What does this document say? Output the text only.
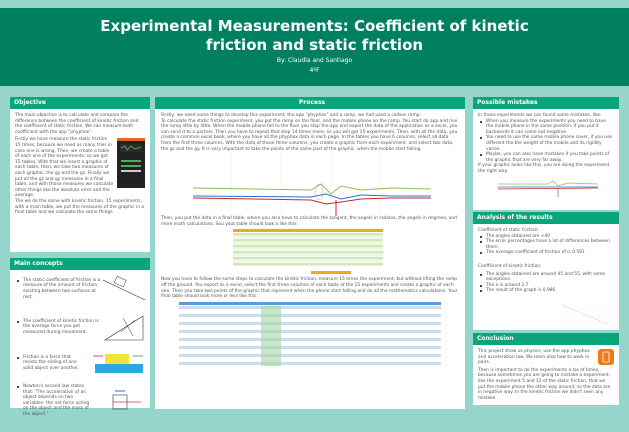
Experimental Measurements: Coefficient of kinetic friction and static friction
By: Claudia and Santiago
4ºF
Objective

The main objective is to calculate and compare the difference between the coefficient of kinetic friction and the coefficient of static friction. We can measure both coefficient with the app "phyphox".

Firstly we have measure the static friction 15 times, because we need as many tries in case one is wrong. Then, we create a table of each one of the experiments, so we got 15 tables. With that we insert a graphic of each table, then, we take two measures of each graphic, the gy and the gz. Finally we put all the gz and gy measures in a final table, and with those measures we calculate other things like the absolute error and the average.

The we do the same with kinetic friction, 15 experiments, with a main table, we put the measures of the graphic in a final table and we calculate the same things.

Main concepts
The static coefficient of friction is a measure of the amount of friction existing between two surfaces at rest.
The coefficient of kinetic friction is the average force you get measured during movement.
Friction is a force that resists the sliding of one solid object over another.
Newton's second law states that: "The acceleration of an object depends on two variables: the net force acting on the object and the mass of the object."
Process

Firstly, we need some things to develop this experiment, the app "phyphox" and a ramp, we had used a carbon ramp.

To calculate the static friction experiment, you put the ramp on the floor, and the mobile phone on the ramp. You start do app and rise the ramp little by little. When the mobile phone fall to the floor you stop the app and export the data of the application as a excel, you can send it to a partner. Then you have to repeat that step 14 times more, so you will get 15 experiments. Then, with all the data, you create a common excel book, where you have all the phyphox data in each page. In the tables you have 6 columns, select all data from the first three columns. With the data of those three columns, you create a graphic from each experiment. and select two data, the gz and the gy. It is very important to take the points of the same part of the graphic, when the mobile start falling.

Then, you put the data in a final table, where you also have to calculate the tangent, the angels in radians, the angels in degrees, and more math calculations. Sou yout table should look a like this:

Now you have to follow the same steps to calculate the kinetic friction, measure 15 times the experiment, but without lifting the ramp off the ground. You export as a excel, select the first three columns of each table of the 15 experiments and create a graphic of each one. Then you take two points of the graphic that represent when the phone start falling and do all the mathematics calculations. Your final table should look more or less like this:

Possible mistakes

In those experiments we can found some mistakes, like:

When you measure the experiments you need to have the mobile phone in the same position, if you put it backwards it can come out negative.
You need to use the same mobile phone cover, if you use different the the weight of the mobile and its rigidity varies.
Maybe, you can also have mistakes if you take points of the graphic that are very far away.

If your graphic looks like this, you are doing the experiment the right way.

Analysis of the results

Coefficient of static friction:

The angles obtained are <40
The error percentages have a lot of differences between them.
The average coefficient of friction of is 0.591

Coefficient of kinetic friction:

The angles obtained are around 45 and 55, with some exceptions.
The a is around 2.7
The result of the graph is 0.986
Conclusion

This project show us physics, use the app phyphox and acceleration law. We learn also how to work in pairs.

Then is important to do the experiments a los of times, because sometimes you are going to mistake a experiment, like the experiment 5 and 12 of the static friction, that we put the mobile phone the other way around, so the data are in negative way. In the kinetic friction we didn't seen any mistake.
